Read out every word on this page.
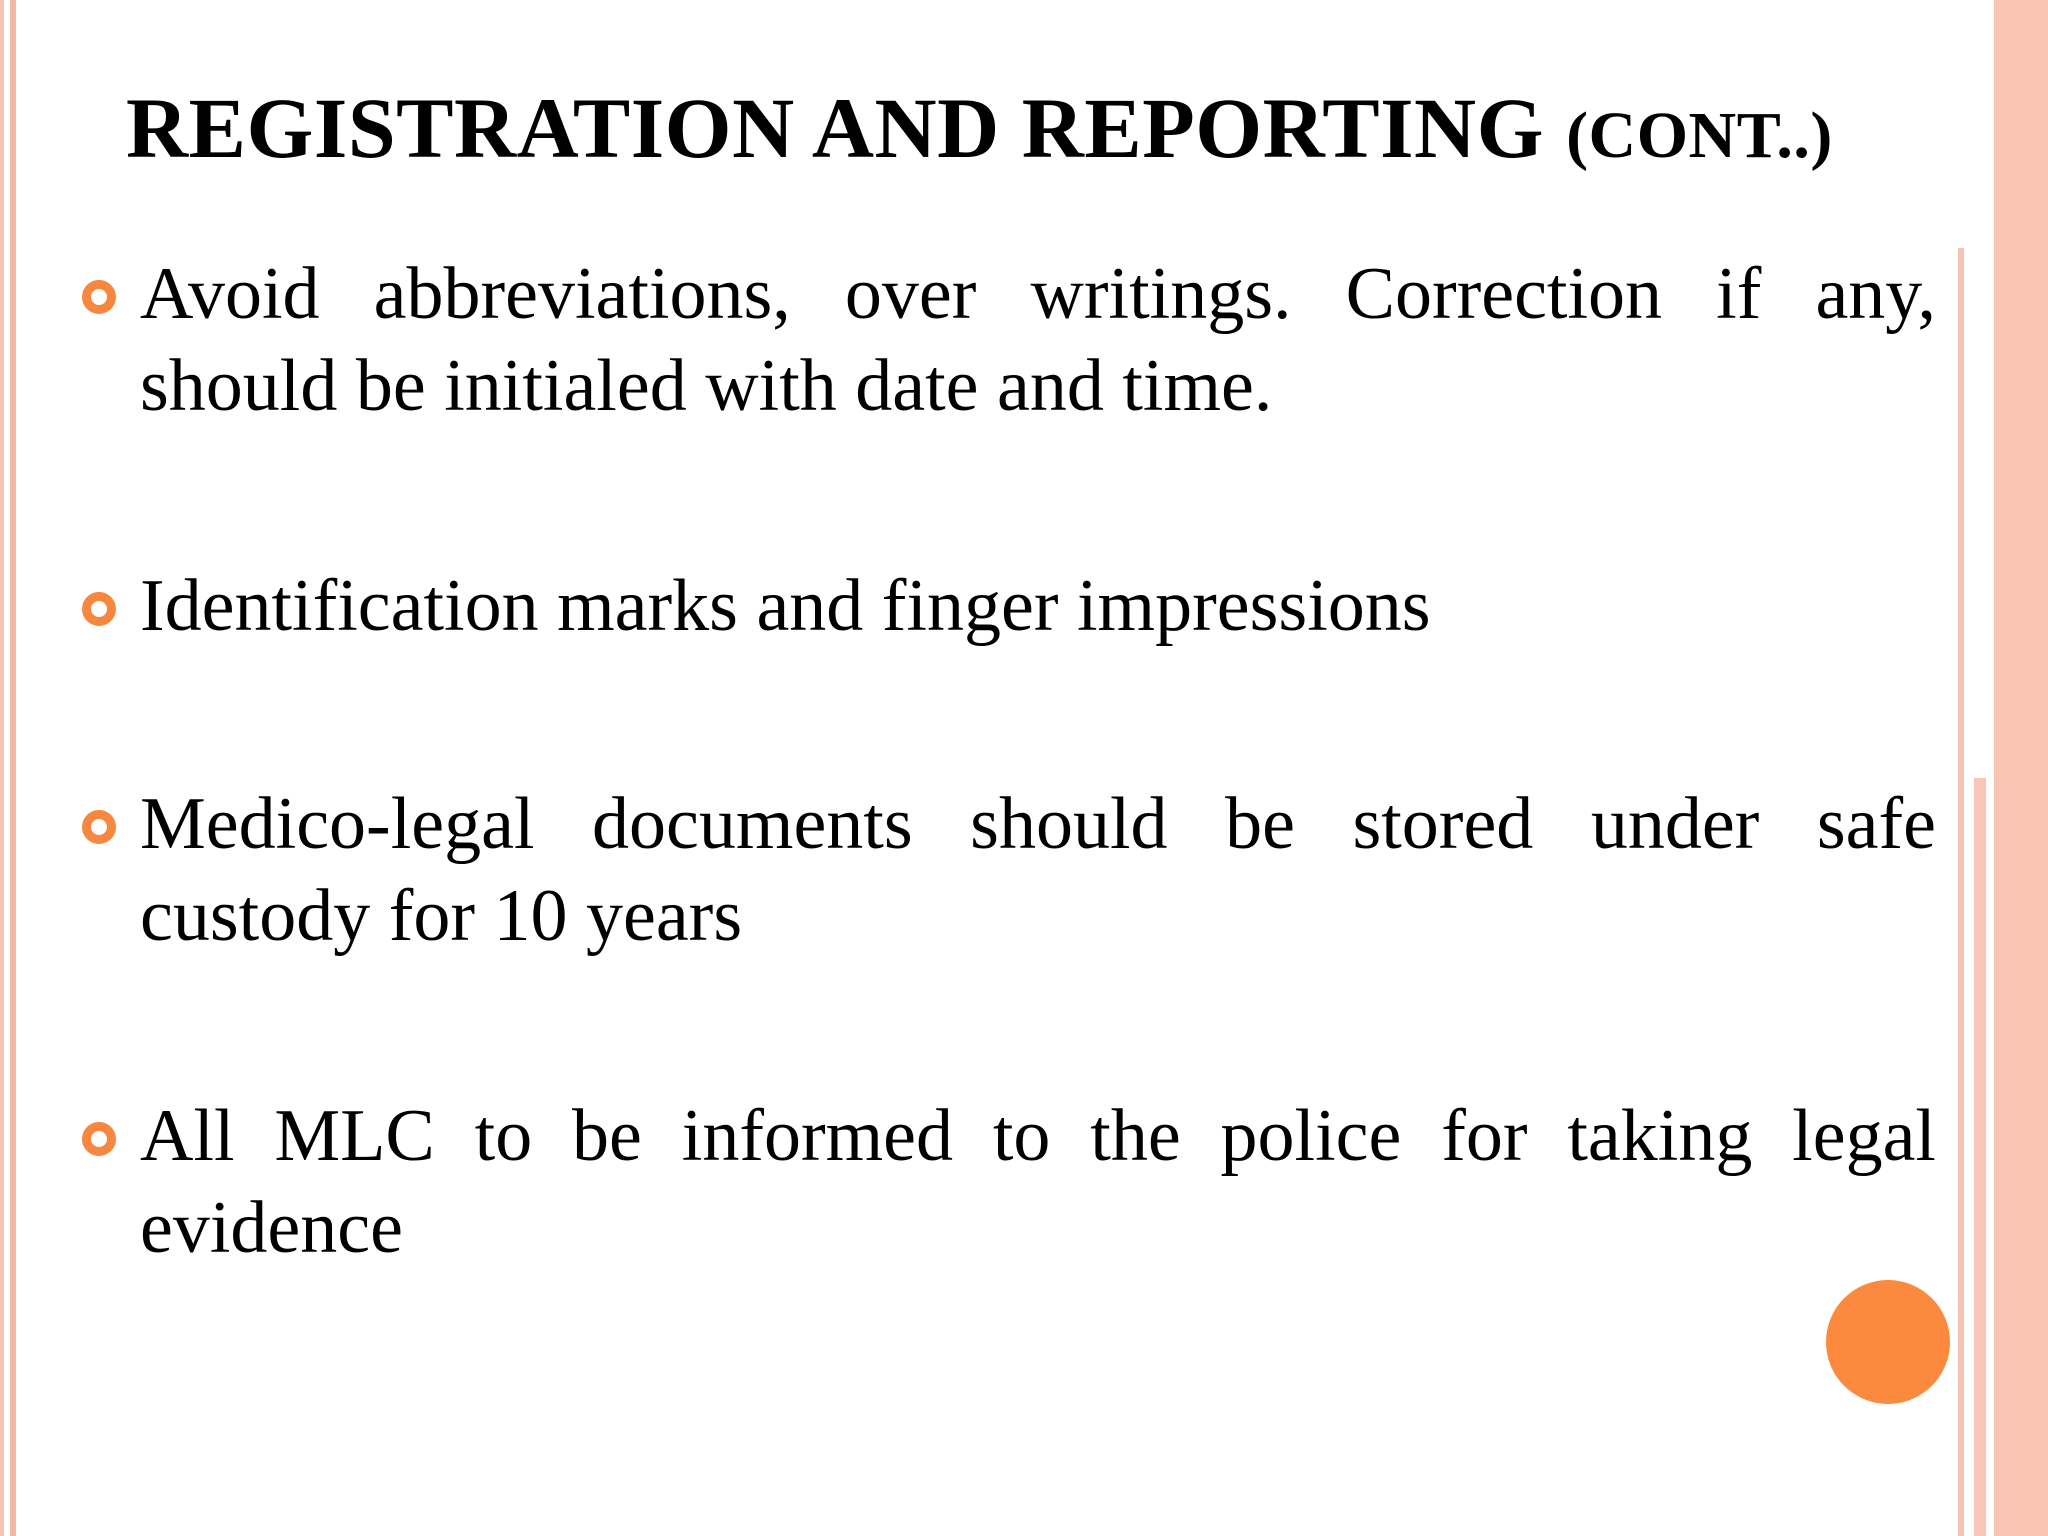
REGISTRATION AND REPORTING (CONT..)
Avoid abbreviations, over writings. Correction if any, should be initialed with date and time.
Identification marks and finger impressions
Medico-legal documents should be stored under safe custody for 10 years
All MLC to be informed to the police for taking legal evidence
